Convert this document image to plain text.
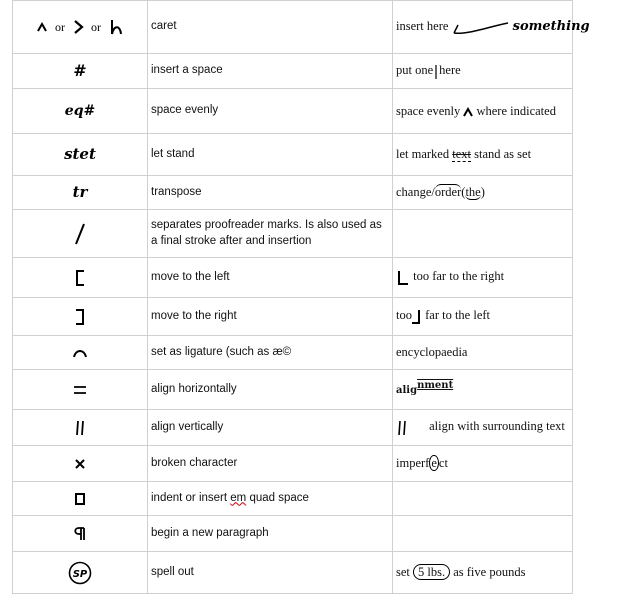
or or	caret	insert here something
#	insert a space	put one here
eq#	space evenly	space evenly where indicated
stet	let stand	let marked text stand as set
tr	transpose	change/order(the)
	separates proofreader marks. Is also used as a final stroke after and insertion	
	move to the left	too far to the right
	move to the right	too far to the left
	set as ligature (such as æ©	encyclopaedia
	align horizontally	alig$^{nment}$
	align vertically	align with surrounding text
	broken character	imperf e ct
	indent or insert em quad space	
	begin a new paragraph	

SP	spell out	set 5 lbs. as five pounds
